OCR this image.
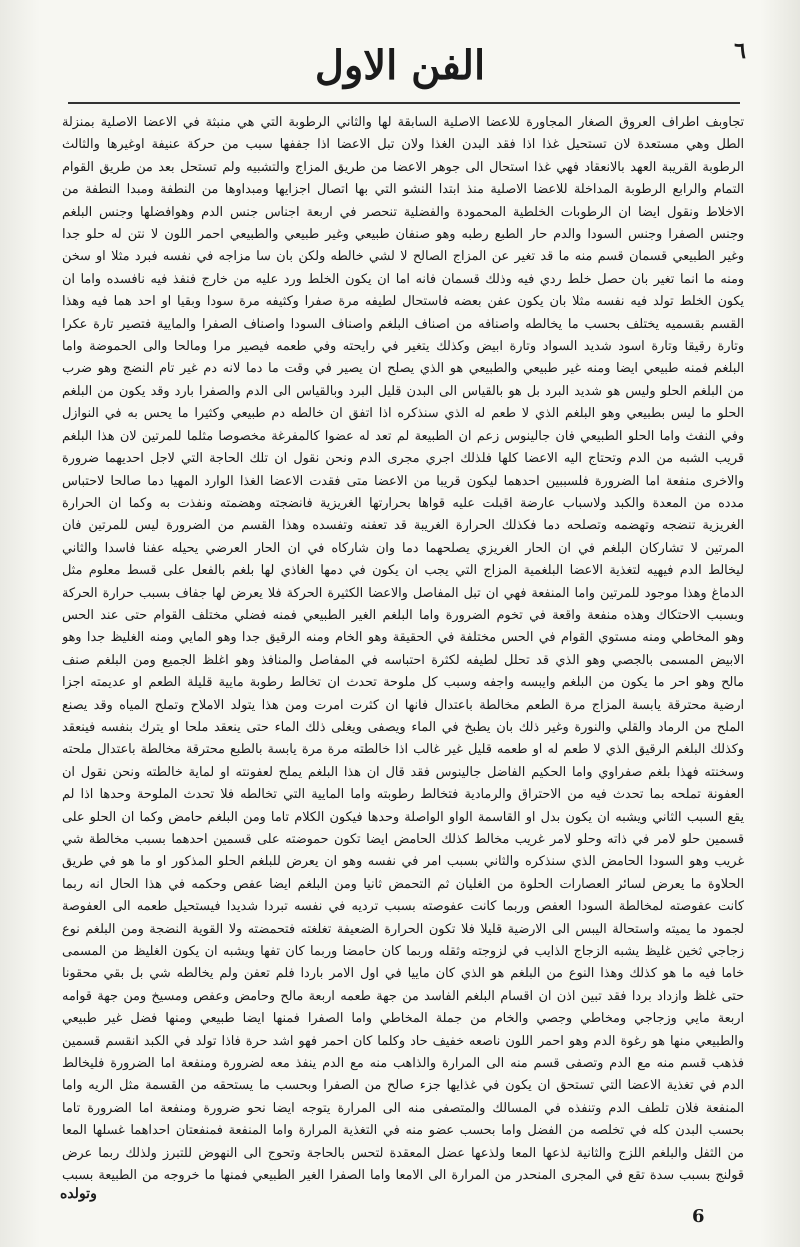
الفن الاول	٦
تجاوبف اطراف العروق الصغار المجاورة للاعضا الاصلية السابقة لها والثاني الرطوبة التي هي منبثة في الاعضا الاصلية بمنزلة الطل وهي مستعدة لان تستحيل غذا اذا فقد البدن الغذا ولان تبل الاعضا اذا جففها سبب من حركة عنيفة اوغيرها والثالث الرطوبة القريبة العهد بالانعقاد فهي غذا استحال الى جوهر الاعضا من طريق المزاج والتشبيه ولم تستحل بعد من طريق القوام التمام والرابع الرطوبة المداخلة للاعضا الاصلية منذ ابتدا النشو التي بها اتصال اجزايها ومبداوها من النطفة ومبدا النطفة من الاخلاط ونقول ايضا ان الرطوبات الخلطية المحمودة والفضلية تنحصر في اربعة اجناس جنس الدم وهوافضلها وجنس البلغم وجنس الصفرا وجنس السودا والدم حار الطبع رطبه وهو صنفان طبيعي وغير طبيعي والطبيعي احمر اللون لا نتن له حلو جدا وغير الطبيعي قسمان قسم منه ما قد تغير عن المزاج الصالح لا لشي خالطه ولكن بان سا مزاجه في نفسه فبرد مثلا او سخن ومنه ما انما تغير بان حصل خلط ردي فيه وذلك قسمان فانه اما ان يكون الخلط ورد عليه من خارج فنفذ فيه نافسده واما ان يكون الخلط تولد فيه نفسه مثلا بان يكون عفن بعضه فاستحال لطيفه مرة صفرا وكثيفه مرة سودا وبقيا او احد هما فيه وهذا القسم بقسميه يختلف بحسب ما يخالطه واصنافه من اصناف البلغم واصناف السودا واصناف الصفرا والمايية فتصير تارة عكرا وتارة رقيقا وتارة اسود شديد السواد وتارة ابيض وكذلك يتغير في رايحته وفي طعمه فيصير مرا ومالحا والى الحموضة واما البلغم فمنه طبيعي ايضا ومنه غير طبيعي والطبيعي هو الذي يصلح ان يصير في وقت ما دما لانه دم غير تام النضج وهو ضرب من البلغم الحلو وليس هو شديد البرد بل هو بالقياس الى البدن قليل البرد وبالقياس الى الدم والصفرا بارد وقد يكون من البلغم الحلو ما ليس بطبيعي وهو البلغم الذي لا طعم له الذي سنذكره اذا اتفق ان خالطه دم طبيعي وكثيرا ما يحس به في النوازل وفي النفث واما الحلو الطبيعي فان جالينوس زعم ان الطبيعة لم تعد له عضوا كالمفرغة مخصوصا مثلما للمرتين لان هذا البلغم قريب الشبه من الدم وتحتاج اليه الاعضا كلها فلذلك اجري مجرى الدم ونحن نقول ان تلك الحاجة التي لاجل احديهما ضرورة والاخرى منفعة اما الضرورة فلسببين احدهما ليكون قريبا من الاعضا متى فقدت الاعضا الغذا الوارد المهيا دما صالحا لاحتباس مدده من المعدة والكبد ولاسباب عارضة اقبلت عليه قواها بحرارتها الغريزية فانضجته وهضمته ونفذت به وكما ان الحرارة الغريزية تنضجه وتهضمه وتصلحه دما فكذلك الحرارة الغريبة قد تعفنه وتفسده وهذا القسم من الضرورة ليس للمرتين فان المرتين لا تشاركان البلغم في ان الحار الغريزي يصلحهما دما وان شاركاه في ان الحار العرضي يحيله عفنا فاسدا والثاني ليخالط الدم فيهيه لتغذية الاعضا البلغمية المزاج التي يجب ان يكون في دمها الغاذي لها بلغم بالفعل على قسط معلوم مثل الدماغ وهذا موجود للمرتين واما المنفعة فهي ان تبل المفاصل والاعضا الكثيرة الحركة فلا يعرض لها جفاف بسبب حرارة الحركة وبسبب الاحتكاك وهذه منفعة واقعة في تخوم الضرورة واما البلغم الغير الطبيعي فمنه فضلي مختلف القوام حتى عند الحس وهو المخاطي ومنه مستوي القوام في الحس مختلفة في الحقيقة وهو الخام ومنه الرقيق جدا وهو المايي ومنه الغليظ جدا وهو الابيض المسمى بالجصي وهو الذي قد تحلل لطيفه لكثرة احتباسه في المفاصل والمنافذ وهو اغلظ الجميع ومن البلغم صنف مالح وهو احر ما يكون من البلغم وايبسه واجفه وسبب كل ملوحة تحدث ان تخالط رطوبة مايية قليلة الطعم او عديمته اجزا ارضية محترقة يابسة المزاج مرة الطعم مخالطة باعتدال فانها ان كثرت امرت ومن هذا يتولد الاملاح وتملح المياه وقد يصنع الملح من الرماد والقلي والنورة وغير ذلك بان يطبخ في الماء ويصفى ويغلى ذلك الماء حتى ينعقد ملحا او يترك بنفسه فينعقد وكذلك البلغم الرقيق الذي لا طعم له او طعمه قليل غير غالب اذا خالطته مرة مرة يابسة بالطبع محترقة مخالطة باعتدال ملحته وسخنته فهذا بلغم صفراوي واما الحكيم الفاضل جالينوس فقد قال ان هذا البلغم يملح لعفونته او لماية خالطته ونحن نقول ان العفونة تملحه بما تحدث فيه من الاحتراق والرمادية فتخالط رطوبته واما المايية التي تخالطه فلا تحدث الملوحة وحدها اذا لم يقع السبب الثاني ويشبه ان يكون بدل او القاسمة الواو الواصلة وحدها فيكون الكلام تاما ومن البلغم حامض وكما ان الحلو على قسمين حلو لامر في ذاته وحلو لامر غريب مخالط كذلك الحامض ايضا تكون حموضته على قسمين احدهما بسبب مخالطة شي غريب وهو السودا الحامض الذي سنذكره والثاني بسبب امر في نفسه وهو ان يعرض للبلغم الحلو المذكور او ما هو في طريق الحلاوة ما يعرض لسائر العصارات الحلوة من الغليان ثم التحمض ثانيا ومن البلغم ايضا عفص وحكمه في هذا الحال انه ربما كانت عفوصته لمخالطة السودا العفص وربما كانت عفوصته بسبب ترديه في نفسه تبردا شديدا فيستحيل طعمه الى العفوصة لجمود ما يميته واستحالة اليبس الى الارضية قليلا فلا تكون الحرارة الضعيفة تغلغته فتحمضته ولا القوية النضجة ومن البلغم نوع زجاجي ثخين غليظ يشبه الزجاج الذايب في لزوجته وثقله وربما كان حامضا وربما كان تفها ويشبه ان يكون الغليظ من المسمى خاما فيه ما هو كذلك وهذا النوع من البلغم هو الذي كان ماييا في اول الامر باردا فلم تعفن ولم يخالطه شي بل بقي محقونا حتى غلظ وازداد بردا فقد تبين اذن ان اقسام البلغم الفاسد من جهة طعمه اربعة مالح وحامض وعفص ومسيخ ومن جهة قوامه اربعة مايي وزجاجي ومخاطي وجصي والخام من جملة المخاطي واما الصفرا فمنها ايضا طبيعي ومنها فضل غير طبيعي والطبيعي منها هو رغوة الدم وهو احمر اللون ناصعه خفيف حاد وكلما كان احمر فهو اشد حرة فاذا تولد في الكبد انقسم قسمين فذهب قسم منه مع الدم وتصفى قسم منه الى المرارة والذاهب منه مع الدم ينفذ معه لضرورة ومنفعة اما الضرورة فليخالط الدم في تغذية الاعضا التي تستحق ان يكون في غذايها جزء صالح من الصفرا وبحسب ما يستحقه من القسمة مثل الريه واما المنفعة فلان تلطف الدم وتنفذه في المسالك والمتصفى منه الى المرارة يتوجه ايضا نحو ضرورة ومنفعة اما الضرورة تاما بحسب البدن كله في تخلصه من الفضل واما بحسب عضو منه في التغذية المرارة واما المنفعة فمنفعتان احداهما غسلها المعا من الثفل والبلغم اللزج والثانية لذعها المعا ولذعها عضل المعقدة لتحس بالحاجة وتحوج الى النهوض للتبرز ولذلك ربما عرض قولنج بسبب سدة تقع في المجرى المنحدر من المرارة الى الامعا واما الصفرا الغير الطبيعي فمنها ما خروجه من الطبيعة بسبب
وتولده
6
